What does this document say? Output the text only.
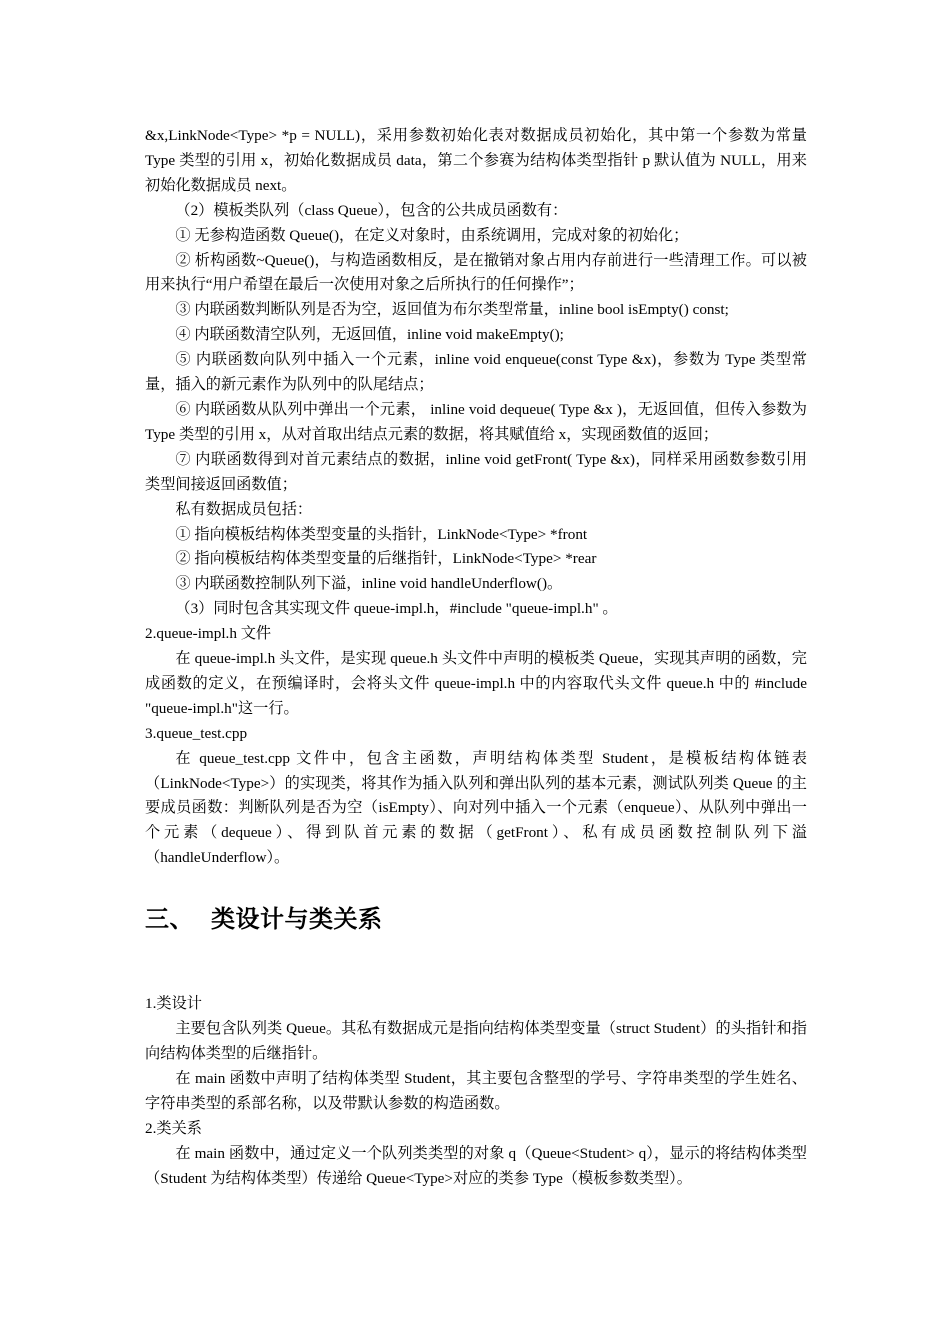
&x,LinkNode<Type> *p = NULL)，采用参数初始化表对数据成员初始化，其中第一个参数为常量 Type 类型的引用 x，初始化数据成员 data，第二个参赛为结构体类型指针 p 默认值为 NULL，用来初始化数据成员 next。

（2）模板类队列（class Queue），包含的公共成员函数有：

① 无参构造函数 Queue()，在定义对象时，由系统调用，完成对象的初始化；

② 析构函数~Queue()，与构造函数相反，是在撤销对象占用内存前进行一些清理工作。可以被用来执行“用户希望在最后一次使用对象之后所执行的任何操作”；

③ 内联函数判断队列是否为空，返回值为布尔类型常量，inline bool isEmpty() const;

④ 内联函数清空队列，无返回值，inline void makeEmpty();

⑤ 内联函数向队列中插入一个元素，inline void enqueue(const Type &x)，参数为 Type 类型常量，插入的新元素作为队列中的队尾结点；

⑥ 内联函数从队列中弹出一个元素， inline void dequeue( Type &x )，无返回值，但传入参数为 Type 类型的引用 x，从对首取出结点元素的数据，将其赋值给 x，实现函数值的返回；

⑦ 内联函数得到对首元素结点的数据，inline void getFront( Type &x)，同样采用函数参数引用类型间接返回函数值；

私有数据成员包括：

① 指向模板结构体类型变量的头指针，LinkNode<Type> *front

② 指向模板结构体类型变量的后继指针，LinkNode<Type> *rear

③ 内联函数控制队列下溢，inline void handleUnderflow()。

（3）同时包含其实现文件 queue-impl.h，#include "queue-impl.h" 。

2.queue-impl.h 文件

在 queue-impl.h 头文件，是实现 queue.h 头文件中声明的模板类 Queue，实现其声明的函数，完成函数的定义，在预编译时，会将头文件 queue-impl.h 中的内容取代头文件 queue.h 中的 #include "queue-impl.h"这一行。

3.queue_test.cpp

在 queue_test.cpp 文件中，包含主函数，声明结构体类型 Student，是模板结构体链表（LinkNode<Type>）的实现类，将其作为插入队列和弹出队列的基本元素，测试队列类 Queue 的主要成员函数：判断队列是否为空（isEmpty）、向对列中插入一个元素（enqueue）、从队列中弹出一个元素（dequeue）、得到队首元素的数据（getFront）、私有成员函数控制队列下溢（handleUnderflow）。

三、 类设计与类关系

1.类设计

主要包含队列类 Queue。其私有数据成元是指向结构体类型变量（struct Student）的头指针和指向结构体类型的后继指针。

在 main 函数中声明了结构体类型 Student，其主要包含整型的学号、字符串类型的学生姓名、字符串类型的系部名称，以及带默认参数的构造函数。

2.类关系

在 main 函数中，通过定义一个队列类类型的对象 q（Queue<Student> q），显示的将结构体类型（Student 为结构体类型）传递给 Queue<Type>对应的类参 Type（模板参数类型）。
